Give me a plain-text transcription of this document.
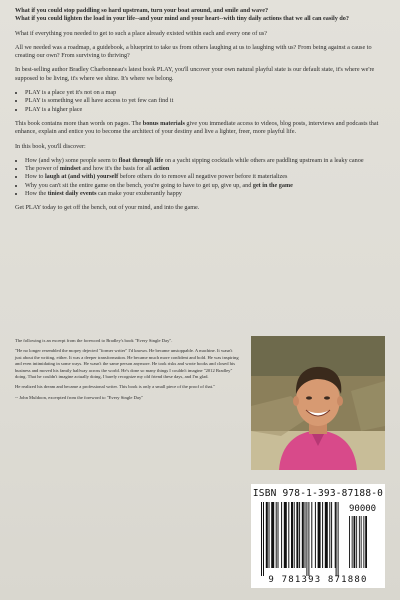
What if you could stop paddling so hard upstream, turn your boat around, and smile and wave?
What if you could lighten the load in your life--and your mind and your heart--with tiny daily actions that we all can easily do?

What if everything you needed to get to such a place already existed within each and every one of us?

All we needed was a roadmap, a guidebook, a blueprint to take us from others laughing at us to laughing with us? From being against a cause to creating our own? From surviving to thriving?

In best-selling author Bradley Charbonneau's latest book PLAY, you'll uncover your own natural playful state is our default state, it's where we're supposed to be living, it's where we shine. It's where we belong.

• PLAY is a place yet it's not on a map
• PLAY is something we all have access to yet few can find it
• PLAY is a higher place

This book contains more than words on pages. The bonus materials give you immediate access to videos, blog posts, interviews and podcasts that enhance, explain and entice you to become the architect of your destiny and live a lighter, freer, more playful life.

In this book, you'll discover:

• How (and why) some people seem to float through life on a yacht sipping cocktails while others are paddling upstream in a leaky canoe
• The power of mindset and how it's the basis for all action
• How to laugh at (and with) yourself before others do to remove all negative power before it materializes
• Why you can't sit the entire game on the bench, you're going to have to get up, give up, and get in the game
• How the tiniest daily events can make your exuberantly happy

Get PLAY today to get off the bench, out of your mind, and into the game.

The following is an excerpt from the foreword to Bradley's book "Every Single Day".

"He no longer resembled the mopey dejected "former writer" I'd known. He became unstoppable. A machine. It wasn't just about the writing, either. It was a deeper transformation. He became much more confident and bold. He was inspiring and even intimidating in some ways. He wasn't the same person anymore. He took risks and wrote books and closed his business and moved his family halfway across the world. He's done so many things I couldn't imagine "2012 Bradley" doing. That he couldn't imagine actually doing, I barely recognize my old friend these days, and I'm glad.

He realized his dream and became a professional writer. This book is only a small piece of the proof of that."

-- John Muldoon, excerpted from the foreword to "Every Single Day"

ISBN 978-1-393-87188-0
90000
9 781393 871880
